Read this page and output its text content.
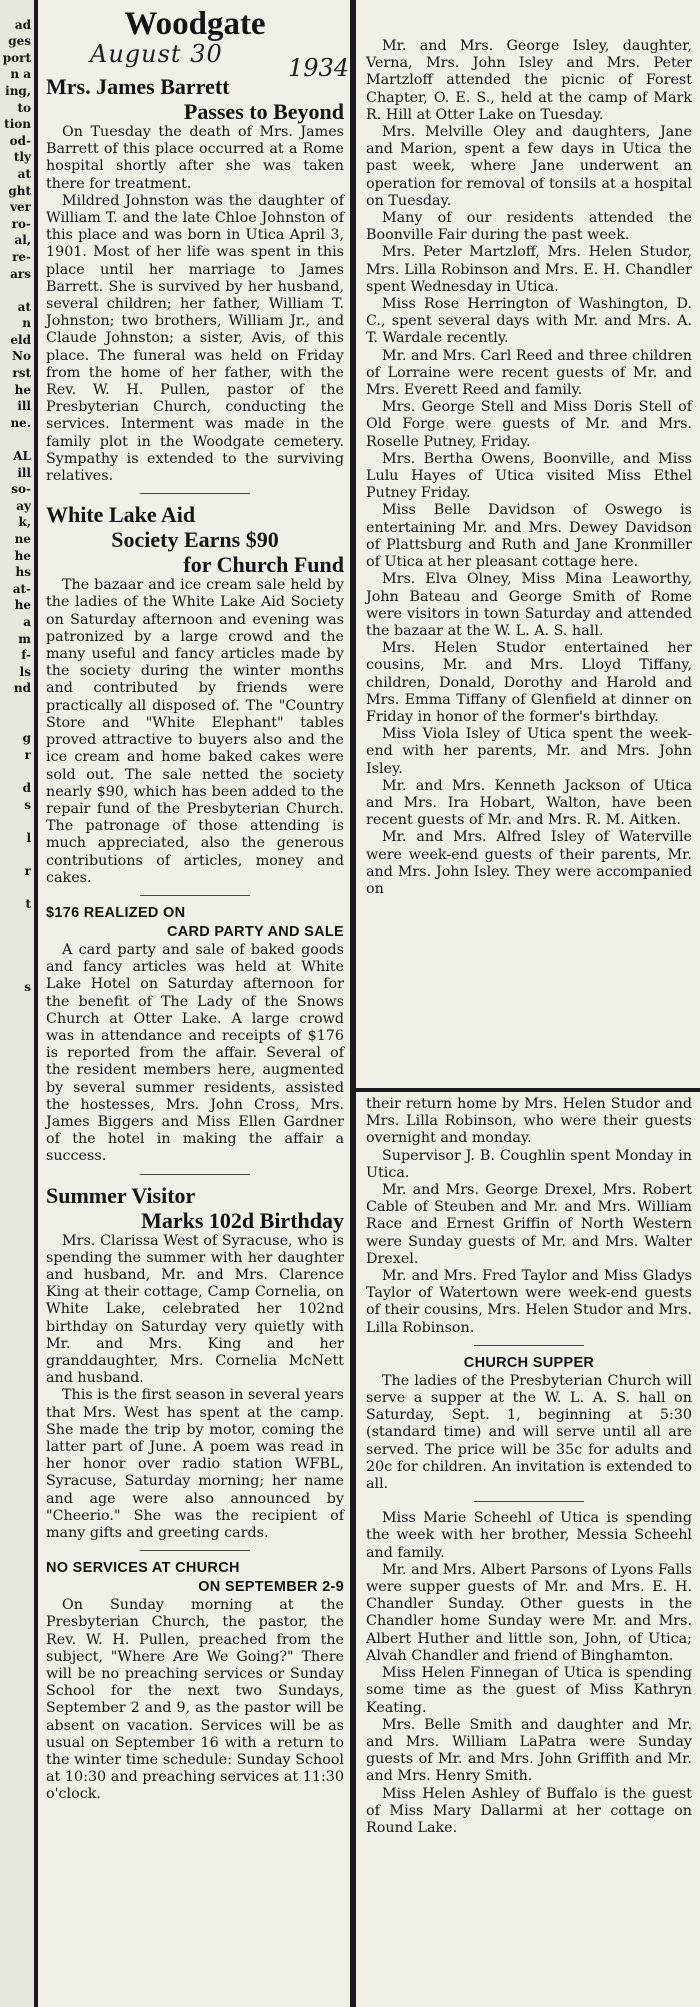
ad
ges
port
n a
ing,
to
tion
od-
tly
at
ght
ver
ro-
al,
re-
ars

at
n
eld
No
rst
he
ill
ne.

AL
ill
so-
ay
k,
ne
he
hs
at-
he
a
m
f-
ls
nd

g
r

d
s

l

r

t

s

Woodgate
August 30	1934
Mrs. James Barrett
Passes to Beyond

On Tuesday the death of Mrs. James Barrett of this place occurred at a Rome hospital shortly after she was taken there for treatment.

Mildred Johnston was the daughter of William T. and the late Chloe Johnston of this place and was born in Utica April 3, 1901. Most of her life was spent in this place until her marriage to James Barrett. She is survived by her husband, several children; her father, William T. Johnston; two brothers, William Jr., and Claude Johnston; a sister, Avis, of this place. The funeral was held on Friday from the home of her father, with the Rev. W. H. Pullen, pastor of the Presbyterian Church, conducting the services. Interment was made in the family plot in the Woodgate cemetery. Sympathy is extended to the surviving relatives.

White Lake Aid
Society Earns $90
for Church Fund

The bazaar and ice cream sale held by the ladies of the White Lake Aid Society on Saturday afternoon and evening was patronized by a large crowd and the many useful and fancy articles made by the society during the winter months and contributed by friends were practically all disposed of. The "Country Store and "White Elephant" tables proved attractive to buyers also and the ice cream and home baked cakes were sold out. The sale netted the society nearly $90, which has been added to the repair fund of the Presbyterian Church. The patronage of those attending is much appreciated, also the generous contributions of articles, money and cakes.

$176 REALIZED ON
CARD PARTY AND SALE

A card party and sale of baked goods and fancy articles was held at White Lake Hotel on Saturday afternoon for the benefit of The Lady of the Snows Church at Otter Lake. A large crowd was in attendance and receipts of $176 is reported from the affair. Several of the resident members here, augmented by several summer residents, assisted the hostesses, Mrs. John Cross, Mrs. James Biggers and Miss Ellen Gardner of the hotel in making the affair a success.

Summer Visitor
Marks 102d Birthday

Mrs. Clarissa West of Syracuse, who is spending the summer with her daughter and husband, Mr. and Mrs. Clarence King at their cottage, Camp Cornelia, on White Lake, celebrated her 102nd birthday on Saturday very quietly with Mr. and Mrs. King and her granddaughter, Mrs. Cornelia McNett and husband.

This is the first season in several years that Mrs. West has spent at the camp. She made the trip by motor, coming the latter part of June. A poem was read in her honor over radio station WFBL, Syracuse, Saturday morning; her name and age were also announced by "Cheerio." She was the recipient of many gifts and greeting cards.

NO SERVICES AT CHURCH
ON SEPTEMBER 2-9

On Sunday morning at the Presbyterian Church, the pastor, the Rev. W. H. Pullen, preached from the subject, "Where Are We Going?" There will be no preaching services or Sunday School for the next two Sundays, September 2 and 9, as the pastor will be absent on vacation. Services will be as usual on September 16 with a return to the winter time schedule: Sunday School at 10:30 and preaching services at 11:30 o'clock.

Mr. and Mrs. George Isley, daughter, Verna, Mrs. John Isley and Mrs. Peter Martzloff attended the picnic of Forest Chapter, O. E. S., held at the camp of Mark R. Hill at Otter Lake on Tuesday.

Mrs. Melville Oley and daughters, Jane and Marion, spent a few days in Utica the past week, where Jane underwent an operation for removal of tonsils at a hospital on Tuesday.

Many of our residents attended the Boonville Fair during the past week.

Mrs. Peter Martzloff, Mrs. Helen Studor, Mrs. Lilla Robinson and Mrs. E. H. Chandler spent Wednesday in Utica.

Miss Rose Herrington of Washington, D. C., spent several days with Mr. and Mrs. A. T. Wardale recently.

Mr. and Mrs. Carl Reed and three children of Lorraine were recent guests of Mr. and Mrs. Everett Reed and family.

Mrs. George Stell and Miss Doris Stell of Old Forge were guests of Mr. and Mrs. Roselle Putney, Friday.

Mrs. Bertha Owens, Boonville, and Miss Lulu Hayes of Utica visited Miss Ethel Putney Friday.

Miss Belle Davidson of Oswego is entertaining Mr. and Mrs. Dewey Davidson of Plattsburg and Ruth and Jane Kronmiller of Utica at her pleasant cottage here.

Mrs. Elva Olney, Miss Mina Leaworthy, John Bateau and George Smith of Rome were visitors in town Saturday and attended the bazaar at the W. L. A. S. hall.

Mrs. Helen Studor entertained her cousins, Mr. and Mrs. Lloyd Tiffany, children, Donald, Dorothy and Harold and Mrs. Emma Tiffany of Glenfield at dinner on Friday in honor of the former's birthday.

Miss Viola Isley of Utica spent the week-end with her parents, Mr. and Mrs. John Isley.

Mr. and Mrs. Kenneth Jackson of Utica and Mrs. Ira Hobart, Walton, have been recent guests of Mr. and Mrs. R. M. Aitken.

Mr. and Mrs. Alfred Isley of Waterville were week-end guests of their parents, Mr. and Mrs. John Isley. They were accompanied on

their return home by Mrs. Helen Studor and Mrs. Lilla Robinson, who were their guests overnight and monday.

Supervisor J. B. Coughlin spent Monday in Utica.

Mr. and Mrs. George Drexel, Mrs. Robert Cable of Steuben and Mr. and Mrs. William Race and Ernest Griffin of North Western were Sunday guests of Mr. and Mrs. Walter Drexel.

Mr. and Mrs. Fred Taylor and Miss Gladys Taylor of Watertown were week-end guests of their cousins, Mrs. Helen Studor and Mrs. Lilla Robinson.

CHURCH SUPPER

The ladies of the Presbyterian Church will serve a supper at the W. L. A. S. hall on Saturday, Sept. 1, beginning at 5:30 (standard time) and will serve until all are served. The price will be 35c for adults and 20c for children. An invitation is extended to all.

Miss Marie Scheehl of Utica is spending the week with her brother, Messia Scheehl and family.

Mr. and Mrs. Albert Parsons of Lyons Falls were supper guests of Mr. and Mrs. E. H. Chandler Sunday. Other guests in the Chandler home Sunday were Mr. and Mrs. Albert Huther and little son, John, of Utica; Alvah Chandler and friend of Binghamton.

Miss Helen Finnegan of Utica is spending some time as the guest of Miss Kathryn Keating.

Mrs. Belle Smith and daughter and Mr. and Mrs. William LaPatra were Sunday guests of Mr. and Mrs. John Griffith and Mr. and Mrs. Henry Smith.

Miss Helen Ashley of Buffalo is the guest of Miss Mary Dallarmi at her cottage on Round Lake.
